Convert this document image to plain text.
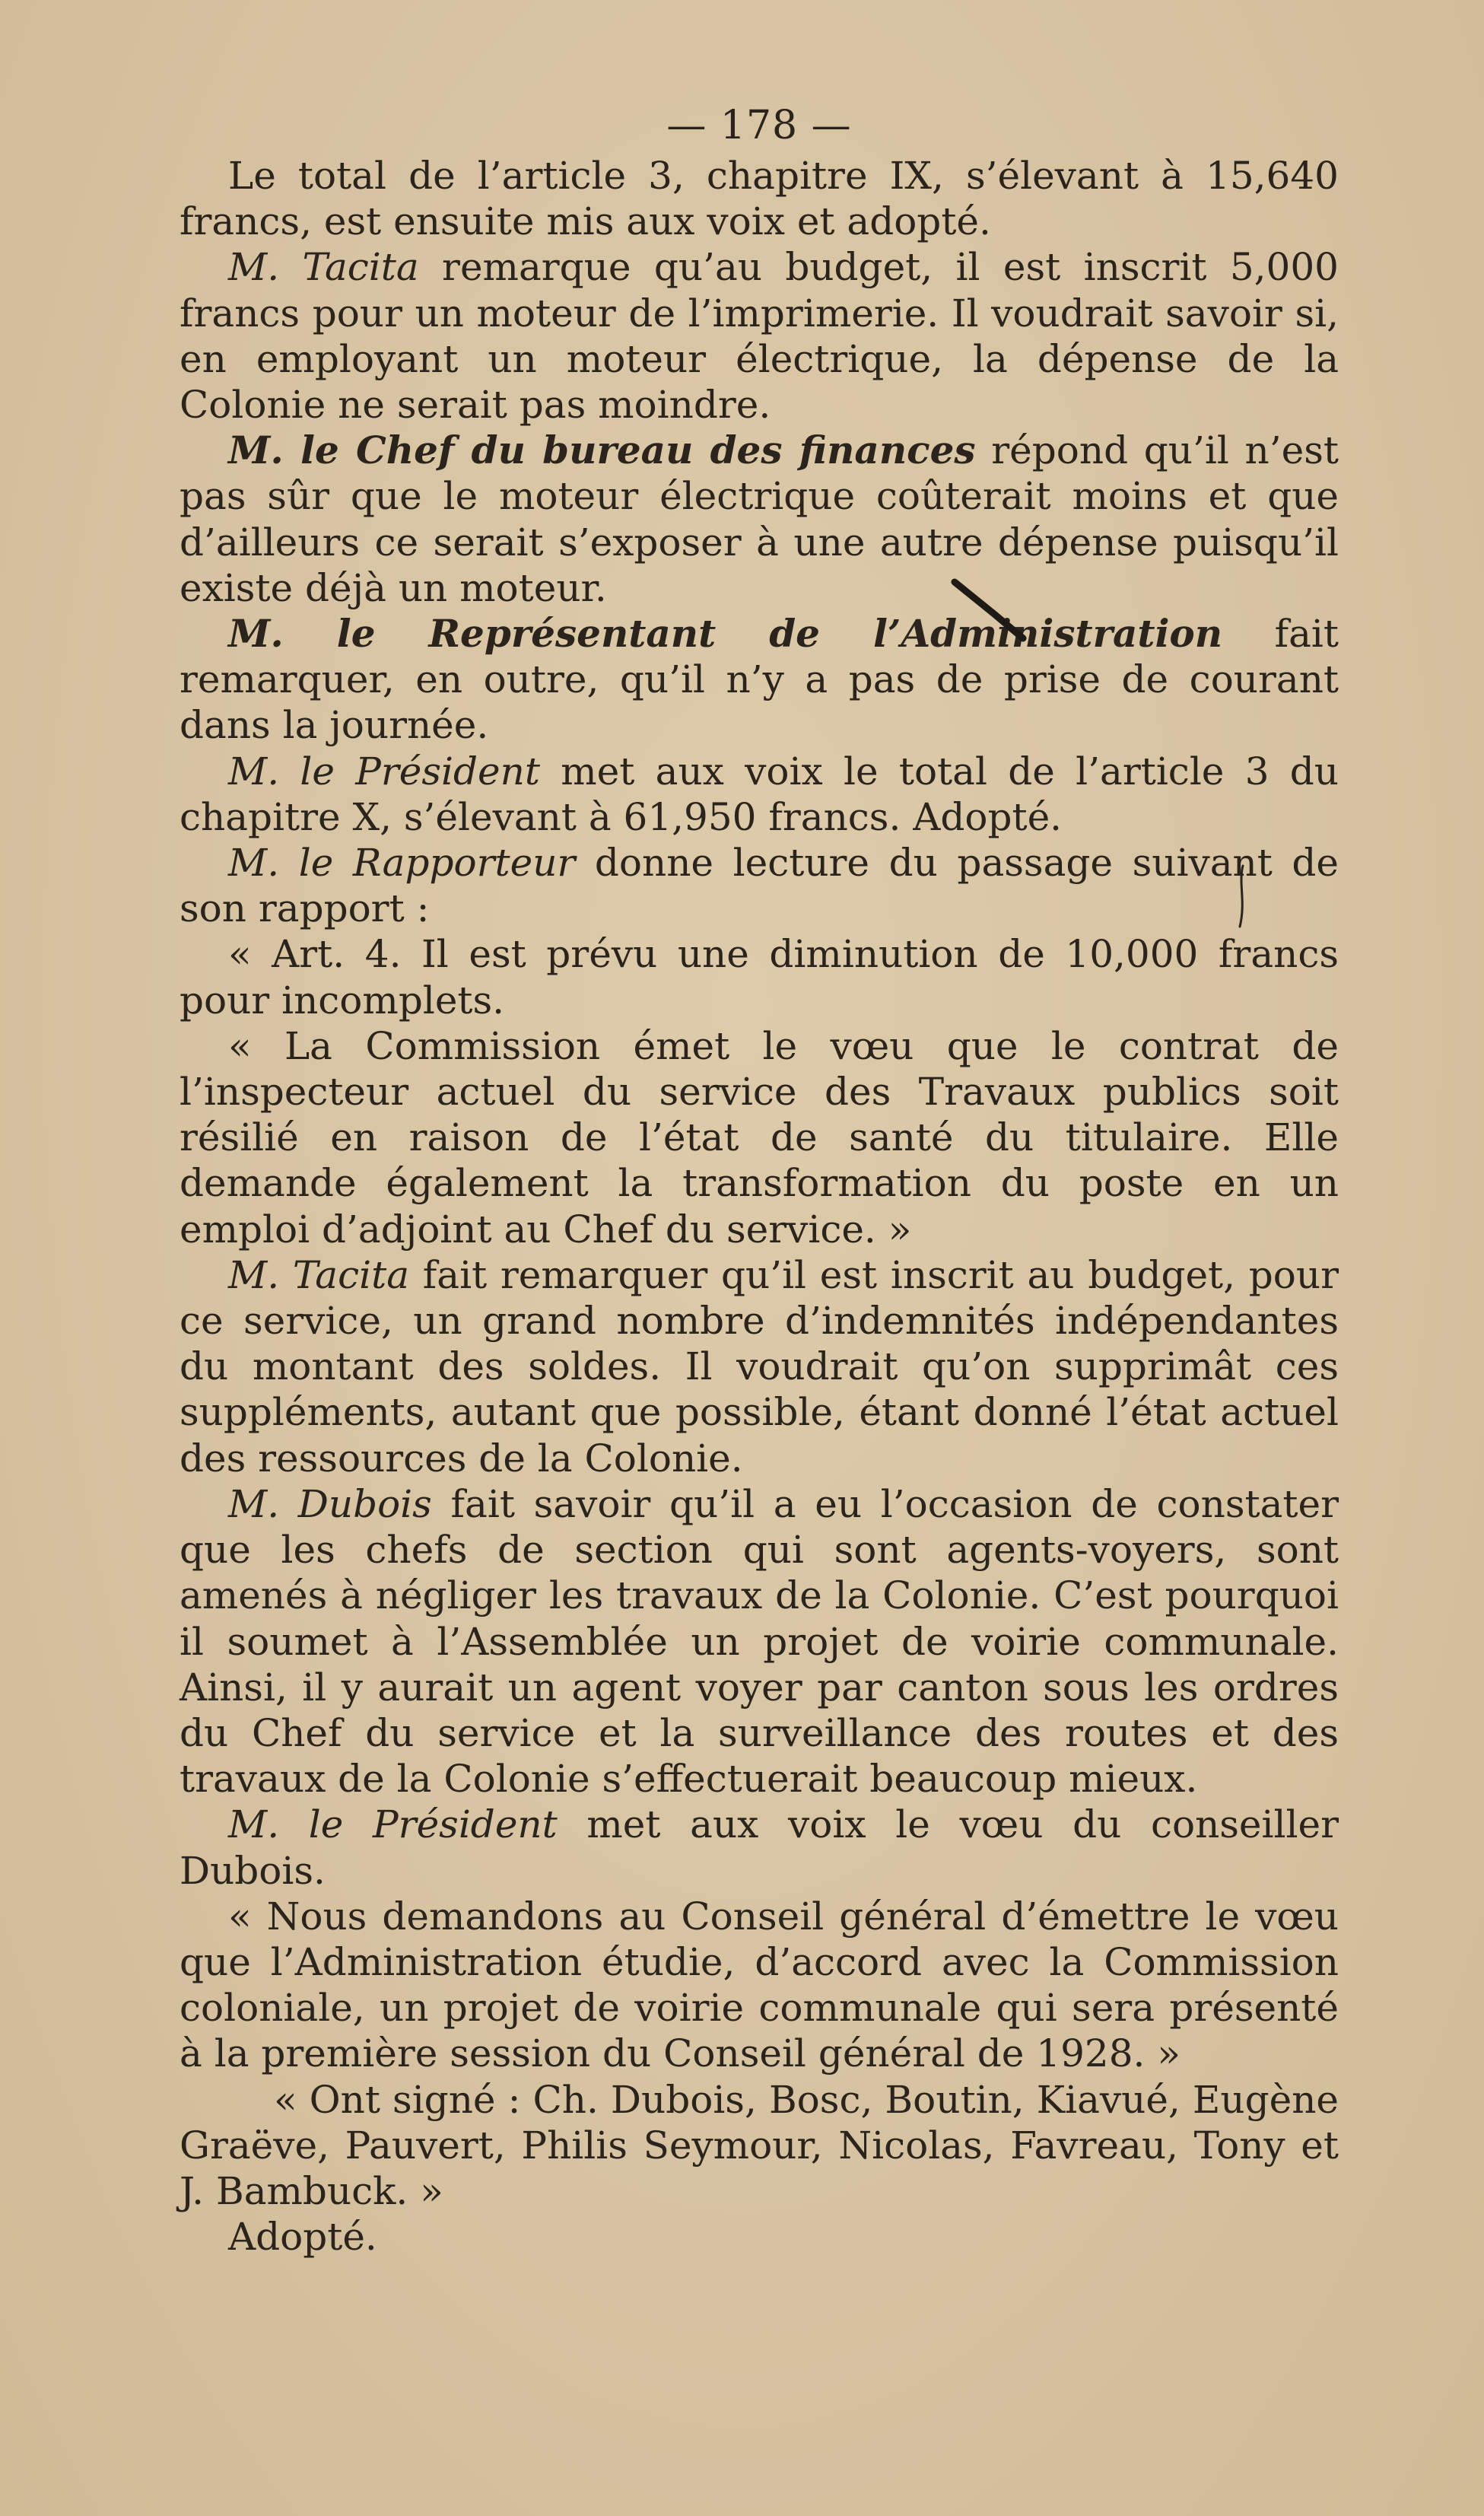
— 178 —

Le total de l’article 3, chapitre IX, s’élevant à 15,640 francs, est ensuite mis aux voix et adopté.

M. Tacita remarque qu’au budget, il est inscrit 5,000 francs pour un moteur de l’imprimerie. Il voudrait savoir si, en employant un moteur électrique, la dépense de la Colonie ne serait pas moindre.

M. le Chef du bureau des finances répond qu’il n’est pas sûr que le moteur électrique coûterait moins et que d’ailleurs ce serait s’exposer à une autre dépense puisqu’il existe déjà un moteur.

M. le Représentant de l’Administration fait remarquer, en outre, qu’il n’y a pas de prise de courant dans la journée.

M. le Président met aux voix le total de l’article 3 du chapitre X, s’élevant à 61,950 francs. Adopté.

M. le Rapporteur donne lecture du passage suivant de son rapport :

« Art. 4. Il est prévu une diminution de 10,000 francs pour incomplets.

« La Commission émet le vœu que le contrat de l’inspecteur actuel du service des Travaux publics soit résilié en raison de l’état de santé du titulaire. Elle demande également la transformation du poste en un emploi d’adjoint au Chef du service. »

M. Tacita fait remarquer qu’il est inscrit au budget, pour ce service, un grand nombre d’indemnités indépendantes du montant des soldes. Il voudrait qu’on supprimât ces suppléments, autant que possible, étant donné l’état actuel des ressources de la Colonie.

M. Dubois fait savoir qu’il a eu l’occasion de constater que les chefs de section qui sont agents-voyers, sont amenés à négliger les travaux de la Colonie. C’est pourquoi il soumet à l’Assemblée un projet de voirie communale. Ainsi, il y aurait un agent voyer par canton sous les ordres du Chef du service et la surveillance des routes et des travaux de la Colonie s’effectuerait beaucoup mieux.

M. le Président met aux voix le vœu du conseiller Dubois.

« Nous demandons au Conseil général d’émettre le vœu que l’Administration étudie, d’accord avec la Commission coloniale, un projet de voirie communale qui sera présenté à la première session du Conseil général de 1928. »

« Ont signé : Ch. Dubois, Bosc, Boutin, Kiavué, Eugène Graëve, Pauvert, Philis Seymour, Nicolas, Favreau, Tony et J. Bambuck. »

Adopté.
